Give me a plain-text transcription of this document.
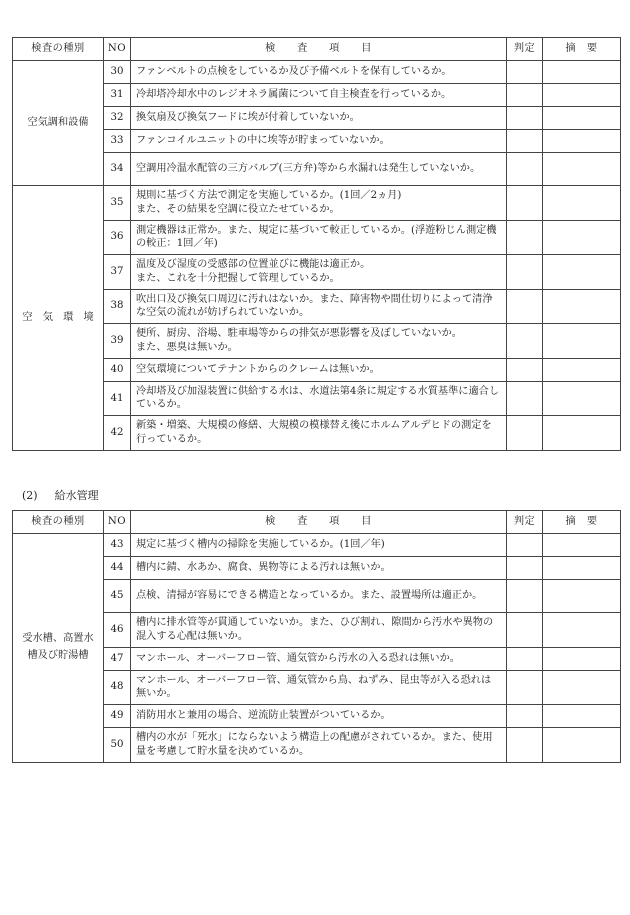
検査の種別	NO	検　　査　　項　　目	判定	摘　要
空気調和設備	30	ファンベルトの点検をしているか及び予備ベルトを保有しているか。		
	31	冷却塔冷却水中のレジオネラ属菌について自主検査を行っているか。		
	32	換気扇及び換気フードに埃が付着していないか。		
	33	ファンコイルユニットの中に埃等が貯まっていないか。		
	34	空調用冷温水配管の三方バルブ(三方弁)等から水漏れは発生していないか。		
空　気　環　境	35	規則に基づく方法で測定を実施しているか。(1回／2ヵ月)
また、その結果を空調に役立たせているか。		
	36	測定機器は正常か。また、規定に基づいて較正しているか。(浮遊粉じん測定機の較正：1回／年)		
	37	温度及び湿度の受感部の位置並びに機能は適正か。
また、これを十分把握して管理しているか。		
	38	吹出口及び換気口周辺に汚れはないか。また、障害物や間仕切りによって清浄な空気の流れが妨げられていないか。		
	39	便所、厨房、浴場、駐車場等からの排気が悪影響を及ぼしていないか。
また、悪臭は無いか。		
	40	空気環境についてテナントからのクレームは無いか。		
	41	冷却塔及び加湿装置に供給する水は、水道法第4条に規定する水質基準に適合しているか。		
	42	新築・増築、大規模の修繕、大規模の模様替え後にホルムアルデヒドの測定を行っているか。		
(2) 給水管理
検査の種別	NO	検　　査　　項　　目	判定	摘　要

受水槽、高置水
槽及び貯湯槽	43	規定に基づく槽内の掃除を実施しているか。(1回／年)		
	44	槽内に錆、水あか、腐食、異物等による汚れは無いか。		
	45	点検、清掃が容易にできる構造となっているか。また、設置場所は適正か。		
	46	槽内に排水管等が貫通していないか。また、ひび割れ、隙間から汚水や異物の混入する心配は無いか。		
	47	マンホール、オーバーフロー管、通気管から汚水の入る恐れは無いか。		
	48	マンホール、オーバーフロー管、通気管から鳥、ねずみ、昆虫等が入る恐れは無いか。		
	49	消防用水と兼用の場合、逆流防止装置がついているか。		
	50	槽内の水が「死水」にならないよう構造上の配慮がされているか。また、使用量を考慮して貯水量を決めているか。		
